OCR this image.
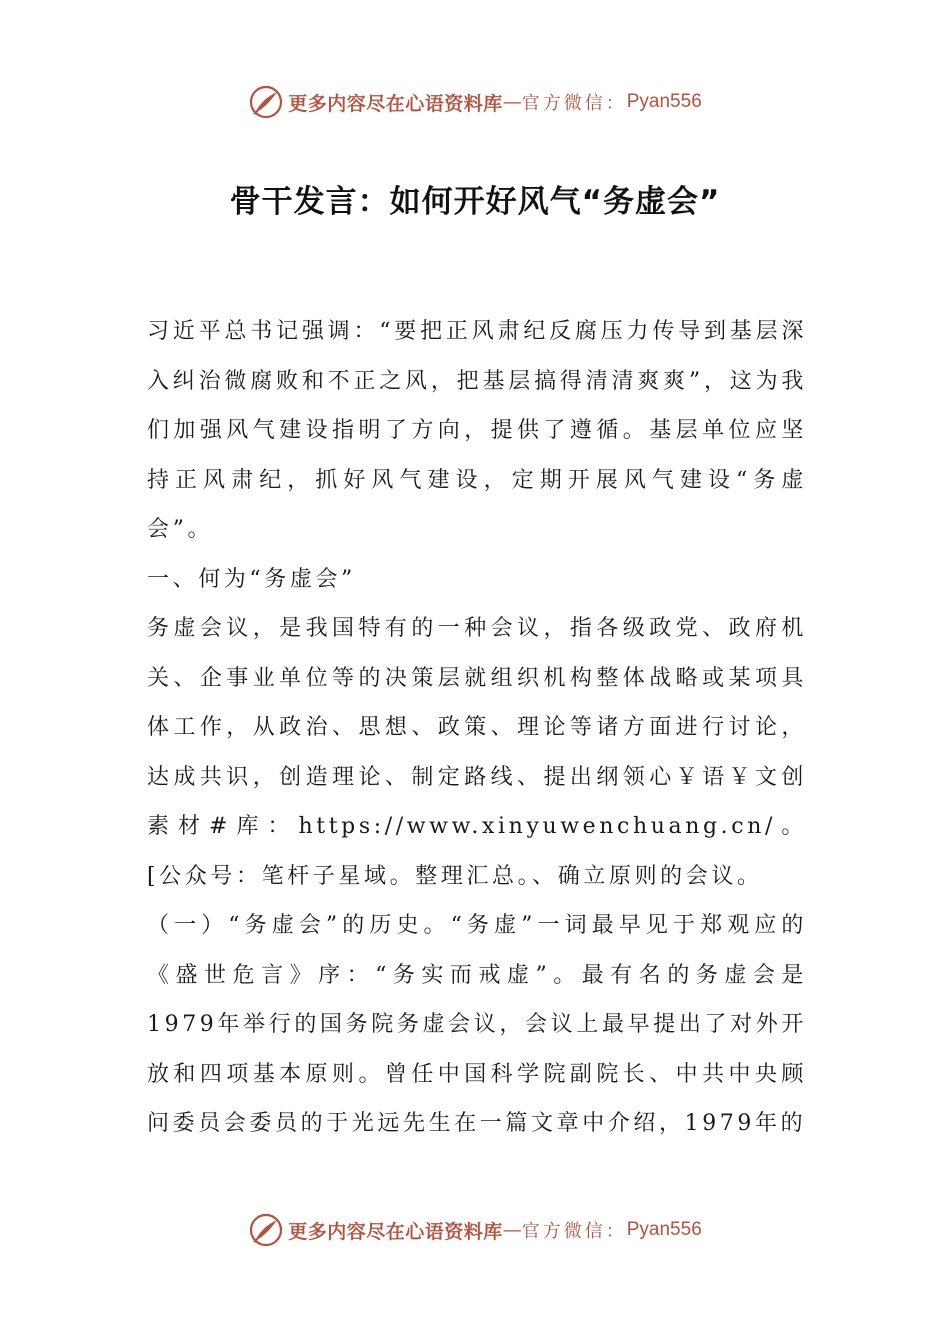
更多内容尽在心语资料库 — 官方微信： Pyan556
骨干发言：如何开好风气“务虚会”

习近平总书记强调：“要把正风肃纪反腐压力传导到基层深入纠治微腐败和不正之风，把基层搞得清清爽爽”，这为我们加强风气建设指明了方向，提供了遵循。基层单位应坚持正风肃纪，抓好风气建设，定期开展风气建设“务虚会”。

一、何为“务虚会”

务虚会议，是我国特有的一种会议，指各级政党、政府机关、企事业单位等的决策层就组织机构整体战略或某项具体工作，从政治、思想、政策、理论等诸方面进行讨论，达成共识，创造理论、制定路线、提出纲领心￥语￥文创素材#库：https://www.xinyuwenchuang.cn/。[公众号：笔杆子星域。整理汇总。、确立原则的会议。

（一）“务虚会”的历史。“务虚”一词最早见于郑观应的《盛世危言》序：“务实而戒虚”。最有名的务虚会是1979年举行的国务院务虚会议，会议上最早提出了对外开放和四项基本原则。曾任中国科学院副院长、中共中央顾问委员会委员的于光远先生在一篇文章中介绍，1979年的

更多内容尽在心语资料库 — 官方微信： Pyan556
